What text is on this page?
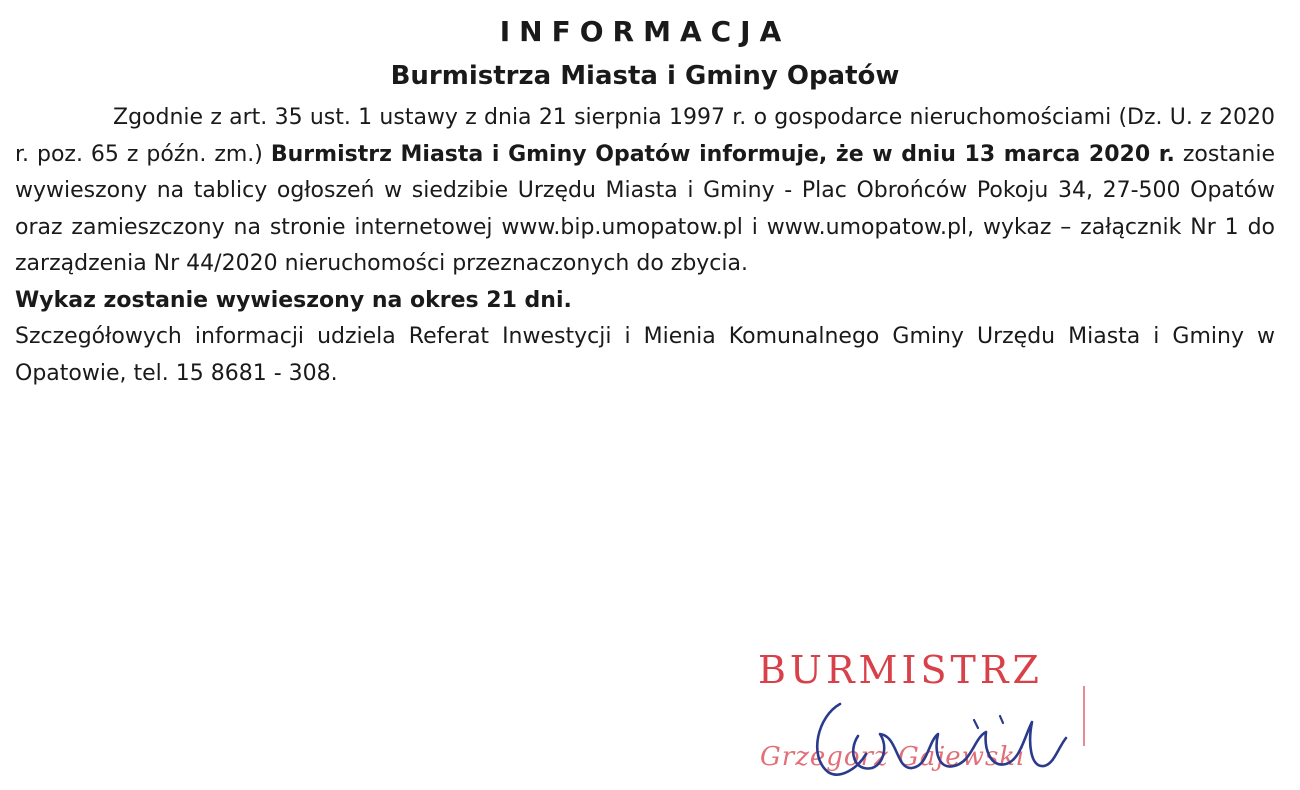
INFORMACJA
Burmistrza Miasta i Gminy Opatów

Zgodnie z art. 35 ust. 1 ustawy z dnia 21 sierpnia 1997 r. o gospodarce nieruchomościami (Dz. U. z 2020 r. poz. 65 z późn. zm.) Burmistrz Miasta i Gminy Opatów informuje, że w dniu 13 marca 2020 r. zostanie wywieszony na tablicy ogłoszeń w siedzibie Urzędu Miasta i Gminy - Plac Obrońców Pokoju 34, 27-500 Opatów oraz zamieszczony na stronie internetowej www.bip.umopatow.pl i www.umopatow.pl, wykaz – załącznik Nr 1 do zarządzenia Nr 44/2020 nieruchomości przeznaczonych do zbycia.

Wykaz zostanie wywieszony na okres 21 dni.

Szczegółowych informacji udziela Referat Inwestycji i Mienia Komunalnego Gminy Urzędu Miasta i Gminy w Opatowie, tel. 15 8681 - 308.

BURMISTRZ
Grzegorz Gajewski
